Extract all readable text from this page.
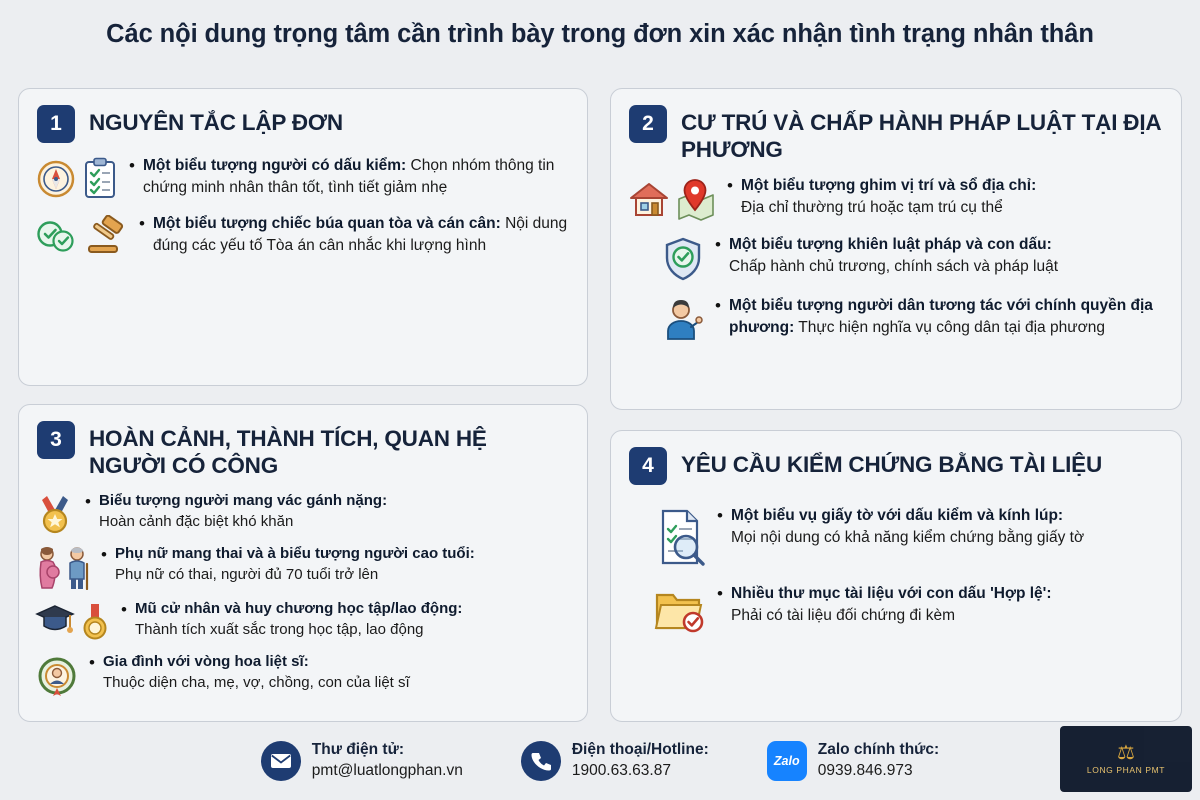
Các nội dung trọng tâm cần trình bày trong đơn xin xác nhận tình trạng nhân thân
1	NGUYÊN TẮC LẬP ĐƠN
• Một biểu tượng người có dấu kiểm: Chọn nhóm thông tin chứng minh nhân thân tốt, tình tiết giảm nhẹ
• Một biểu tượng chiếc búa quan tòa và cán cân: Nội dung đúng các yếu tố Tòa án cân nhắc khi lượng hình
2	CƯ TRÚ VÀ CHẤP HÀNH PHÁP LUẬT TẠI ĐỊA PHƯƠNG
• Một biểu tượng ghim vị trí và sổ địa chỉ:
Địa chỉ thường trú hoặc tạm trú cụ thể
• Một biểu tượng khiên luật pháp và con dấu:
Chấp hành chủ trương, chính sách và pháp luật
• Một biểu tượng người dân tương tác với chính quyền địa phương: Thực hiện nghĩa vụ công dân tại địa phương
3	HOÀN CẢNH, THÀNH TÍCH, QUAN HỆ NGƯỜI CÓ CÔNG
• Biểu tượng người mang vác gánh nặng:
Hoàn cảnh đặc biệt khó khăn
• Phụ nữ mang thai và à biểu tượng người cao tuổi:
Phụ nữ có thai, người đủ 70 tuổi trở lên
• Mũ cử nhân và huy chương học tập/lao động:
Thành tích xuất sắc trong học tập, lao động
• Gia đình với vòng hoa liệt sĩ:
Thuộc diện cha, mẹ, vợ, chồng, con của liệt sĩ
4	YÊU CẦU KIỂM CHỨNG BẰNG TÀI LIỆU
• Một biểu vụ giấy tờ với dấu kiểm và kính lúp:
Mọi nội dung có khả năng kiểm chứng bằng giấy tờ
• Nhiều thư mục tài liệu với con dấu 'Hợp lệ':
Phải có tài liệu đối chứng đi kèm
Thư điện tử:
pmt@luatlongphan.vn
Điện thoại/Hotline:
1900.63.63.87
Zalo
Zalo chính thức:
0939.846.973
⚖
LONG PHAN PMT
